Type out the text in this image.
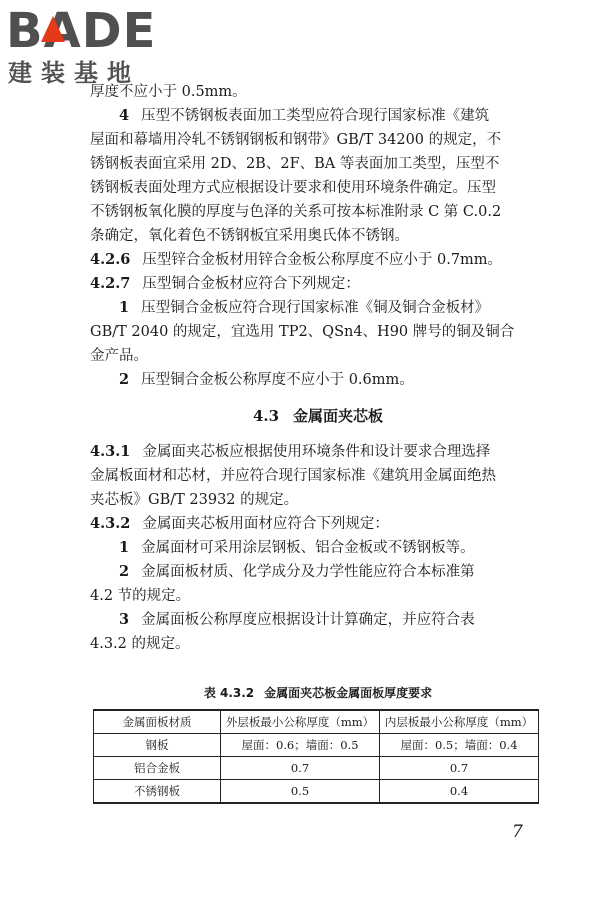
BADE
建装基地
厚度不应小于 0.5mm。
4 压型不锈钢板表面加工类型应符合现行国家标准《建筑
屋面和幕墙用冷轧不锈钢钢板和钢带》GB/T 34200 的规定，不
锈钢板表面宜采用 2D、2B、2F、BA 等表面加工类型，压型不
锈钢板表面处理方式应根据设计要求和使用环境条件确定。压型
不锈钢板氧化膜的厚度与色泽的关系可按本标准附录 C 第 C.0.2
条确定，氧化着色不锈钢板宜采用奥氏体不锈钢。
4.2.6 压型锌合金板材用锌合金板公称厚度不应小于 0.7mm。
4.2.7 压型铜合金板材应符合下列规定：
1 压型铜合金板应符合现行国家标准《铜及铜合金板材》
GB/T 2040 的规定，宜选用 TP2、QSn4、H90 牌号的铜及铜合
金产品。
2 压型铜合金板公称厚度不应小于 0.6mm。
4.3 金属面夹芯板
4.3.1 金属面夹芯板应根据使用环境条件和设计要求合理选择
金属板面材和芯材，并应符合现行国家标准《建筑用金属面绝热
夹芯板》GB/T 23932 的规定。
4.3.2 金属面夹芯板用面材应符合下列规定：
1 金属面材可采用涂层钢板、铝合金板或不锈钢板等。
2 金属面板材质、化学成分及力学性能应符合本标准第
4.2 节的规定。
3 金属面板公称厚度应根据设计计算确定，并应符合表
4.3.2 的规定。
表 4.3.2 金属面夹芯板金属面板厚度要求
金属面板材质	外层板最小公称厚度（mm）	内层板最小公称厚度（mm）
钢板	屋面：0.6；墙面：0.5	屋面：0.5；墙面：0.4
铝合金板	0.7	0.7
不锈钢板	0.5	0.4
7
